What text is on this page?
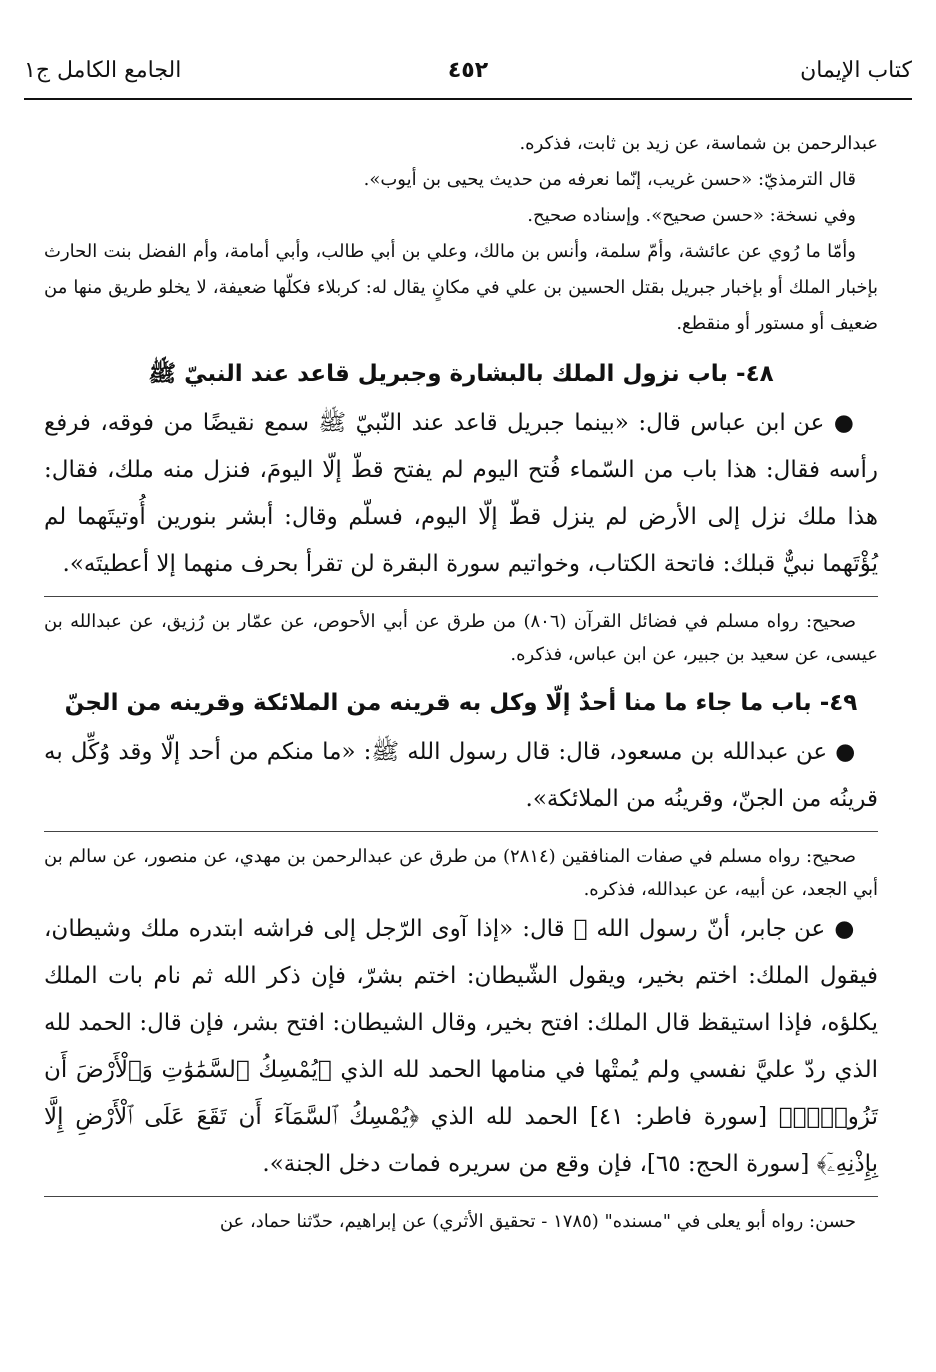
كتاب الإيمان
٤٥٢
الجامع الكامل ج١

عبدالرحمن بن شماسة، عن زيد بن ثابت، فذكره.

قال الترمذيّ: «حسن غريب، إنّما نعرفه من حديث يحيى بن أيوب».

وفي نسخة: «حسن صحيح». وإسناده صحيح.

وأمّا ما رُوي عن عائشة، وأمّ سلمة، وأنس بن مالك، وعلي بن أبي طالب، وأبي أمامة، وأم الفضل بنت الحارث بإخبار الملك أو بإخبار جبريل بقتل الحسين بن علي في مكانٍ يقال له: كربلاء فكلّها ضعيفة، لا يخلو طريق منها من ضعيف أو مستور أو منقطع.

٤٨- باب نزول الملك بالبشارة وجبريل قاعد عند النبيّ ﷺ

● عن ابن عباس قال: «بينما جبريل قاعد عند النّبيّ ﷺ سمع نقيضًا من فوقه، فرفع رأسه فقال: هذا باب من السّماء فُتح اليوم لم يفتح قطّ إلّا اليومَ، فنزل منه ملك، فقال: هذا ملك نزل إلى الأرض لم ينزل قطّ إلّا اليوم، فسلّم وقال: أبشر بنورين أُوتيتَهما لم يُؤْتَهما نبيٌّ قبلك: فاتحة الكتاب، وخواتيم سورة البقرة لن تقرأ بحرف منهما إلا أعطيتَه».

صحيح: رواه مسلم في فضائل القرآن (٨٠٦) من طرق عن أبي الأحوص، عن عمّار بن رُزيق، عن عبدالله بن عيسى، عن سعيد بن جبير، عن ابن عباس، فذكره.

٤٩- باب ما جاء ما منا أحدٌ إلّا وكل به قرينه من الملائكة وقرينه من الجنّ

● عن عبدالله بن مسعود، قال: قال رسول الله ﷺ: «ما منكم من أحد إلّا وقد وُكِّل به قرينُه من الجنّ، وقرينُه من الملائكة».

صحيح: رواه مسلم في صفات المنافقين (٢٨١٤) من طرق عن عبدالرحمن بن مهدي، عن منصور، عن سالم بن أبي الجعد، عن أبيه، عن عبدالله، فذكره.

● عن جابر، أنّ رسول الله ﷺ قال: «إذا آوى الرّجل إلى فراشه ابتدره ملك وشيطان، فيقول الملك: اختم بخير، ويقول الشّيطان: اختم بشرّ، فإن ذكر الله ثم نام بات الملك يكلؤه، فإذا استيقظ قال الملك: افتح بخير، وقال الشيطان: افتح بشر، فإن قال: الحمد لله الذي ردّ عليَّ نفسي ولم يُمتْها في منامها الحمد لله الذي ﴿يُمْسِكُ ٱلسَّمَٰوَٰتِ وَٱلْأَرْضَ أَن تَزُولَاۚ﴾ [سورة فاطر: ٤١] الحمد لله الذي ﴿يُمْسِكُ ٱلسَّمَآءَ أَن تَقَعَ عَلَى ٱلْأَرْضِ إِلَّا بِإِذْنِهِۦٓ﴾ [سورة الحج: ٦٥]، فإن وقع من سريره فمات دخل الجنة».

حسن: رواه أبو يعلى في "مسنده" (١٧٨٥ - تحقيق الأثري) عن إبراهيم، حدّثنا حماد، عن
